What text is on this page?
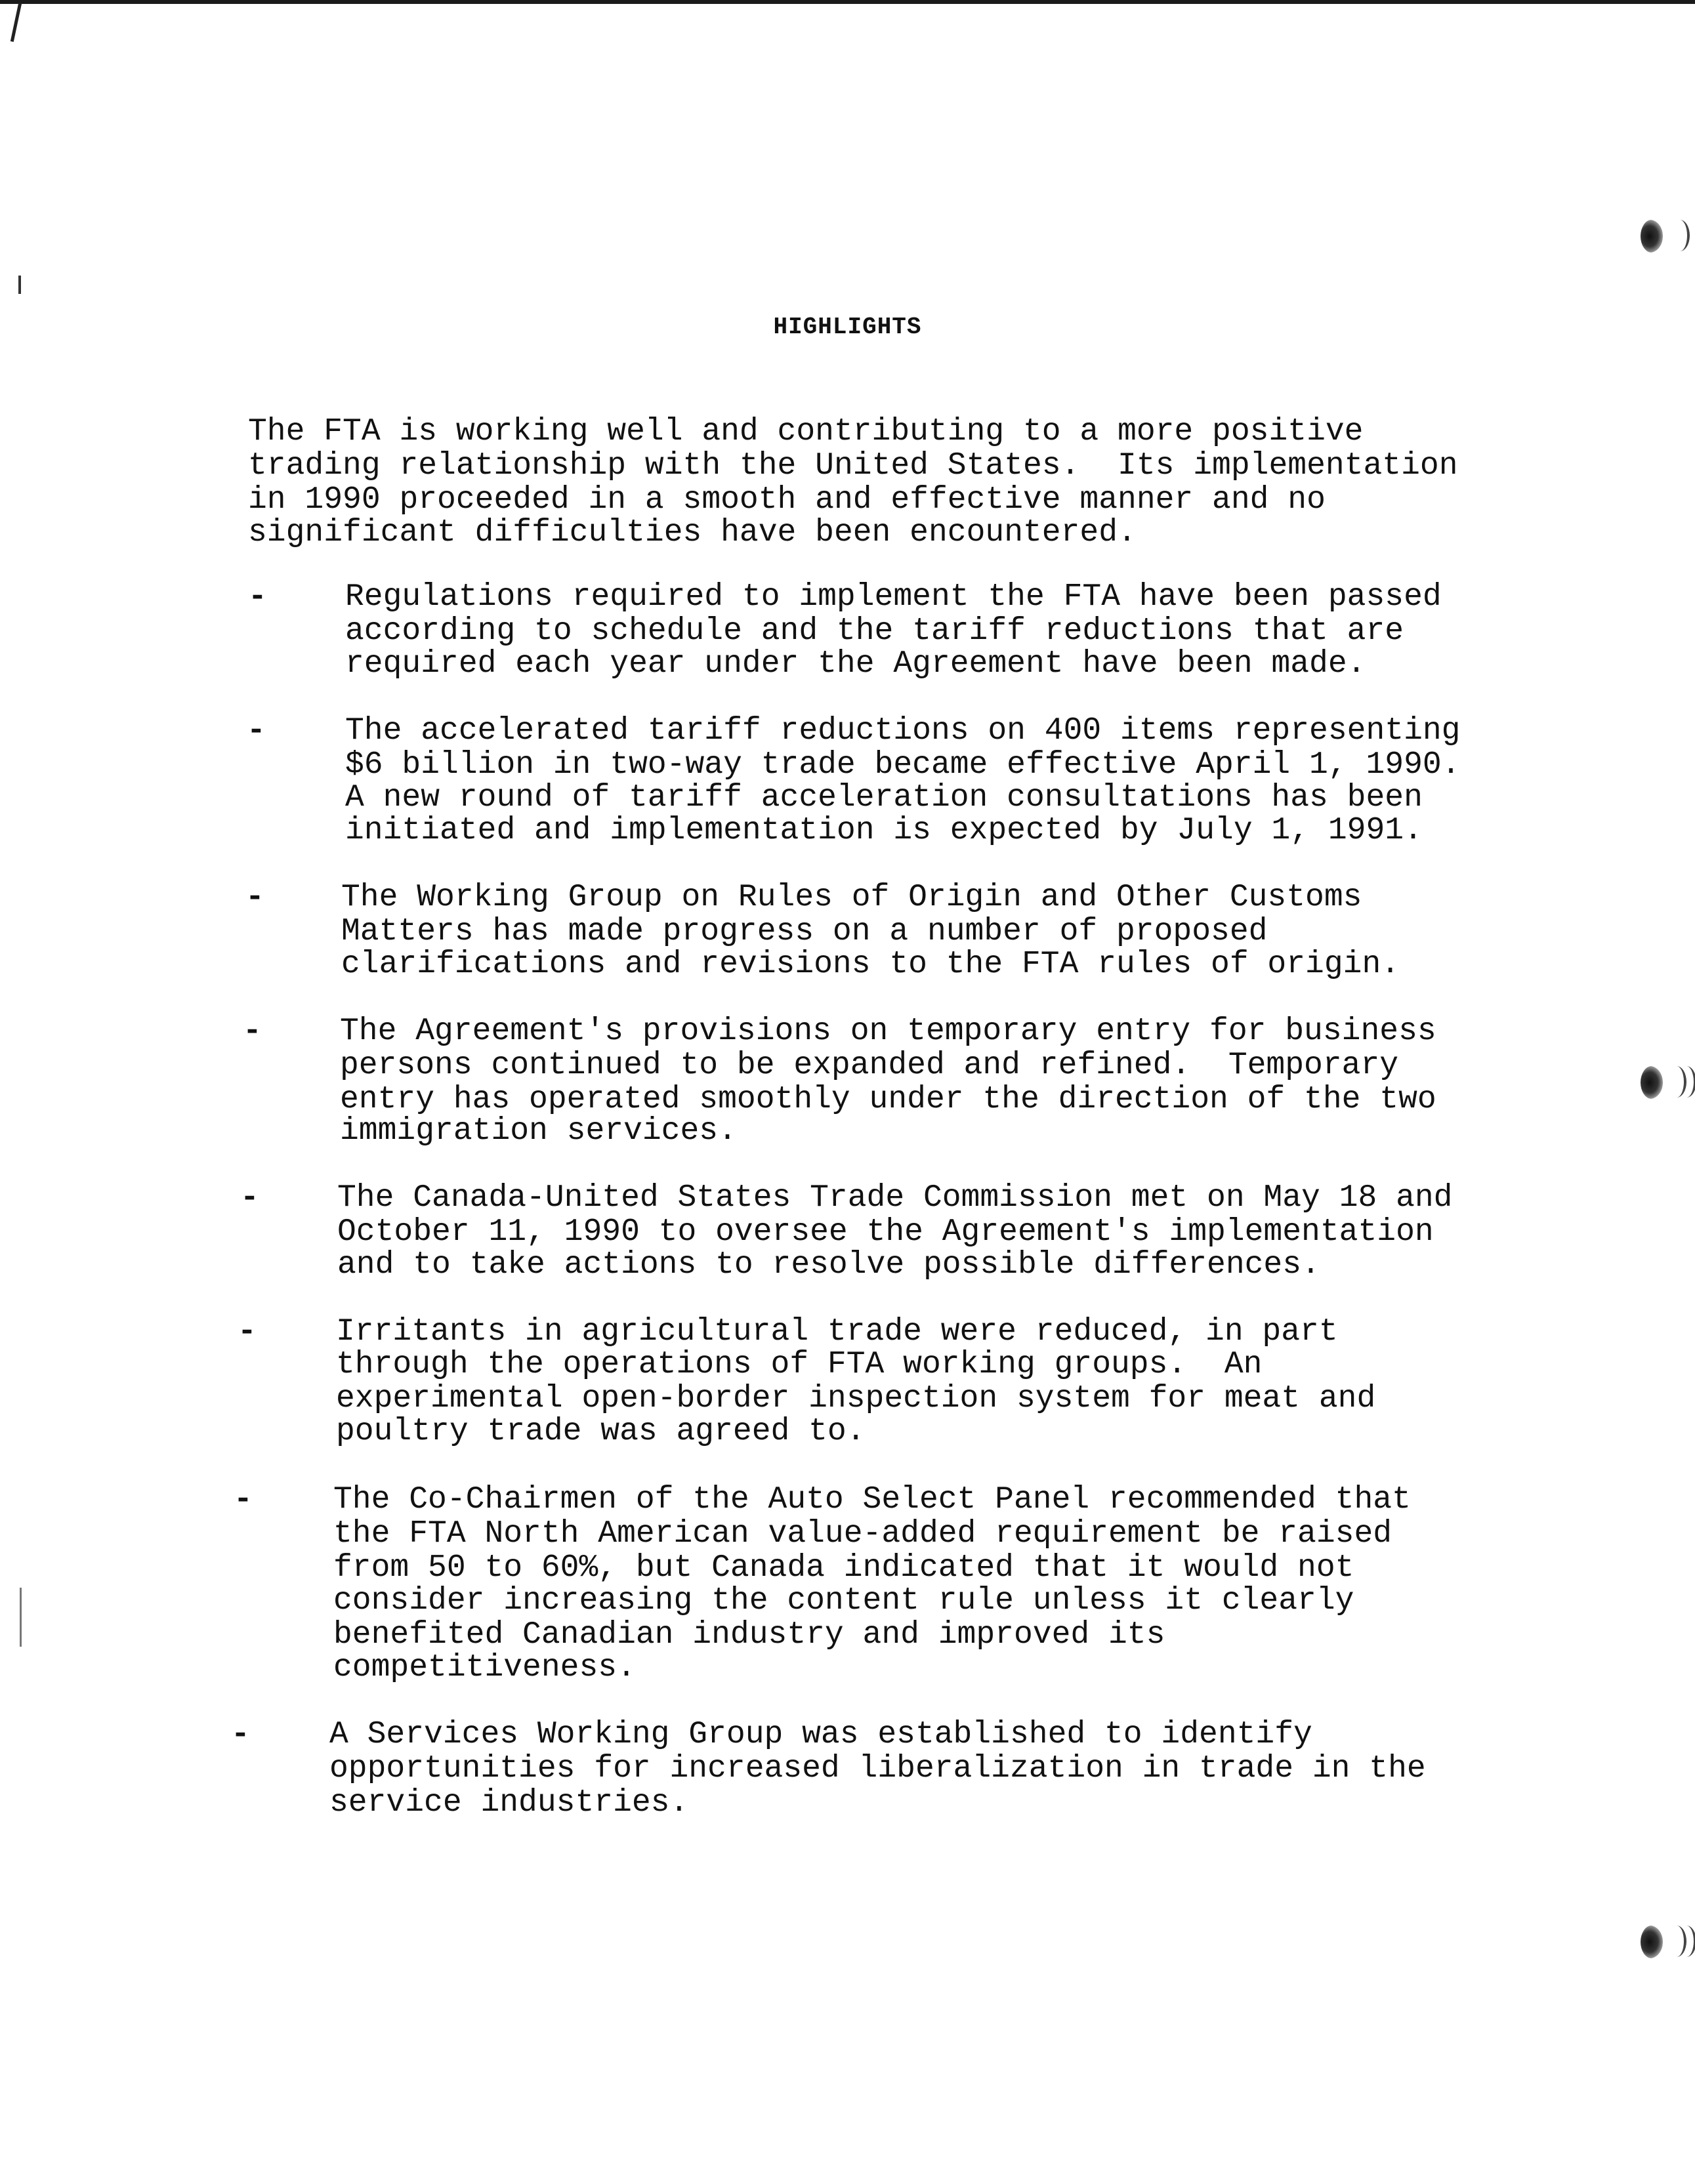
HIGHLIGHTS
The FTA is working well and contributing to a more positive
trading relationship with the United States.  Its implementation
in 1990 proceeded in a smooth and effective manner and no
significant difficulties have been encountered.
- Regulations required to implement the FTA have been passed
according to schedule and the tariff reductions that are
required each year under the Agreement have been made.
-	The accelerated tariff reductions on 400 items representing
$6 billion in two-way trade became effective April 1, 1990.
A new round of tariff acceleration consultations has been
initiated and implementation is expected by July 1, 1991.
- The Working Group on Rules of Origin and Other Customs
Matters has made progress on a number of proposed
clarifications and revisions to the FTA rules of origin.
- The Agreement's provisions on temporary entry for business
persons continued to be expanded and refined.  Temporary
entry has operated smoothly under the direction of the two
immigration services.
- The Canada-United States Trade Commission met on May 18 and
October 11, 1990 to oversee the Agreement's implementation
and to take actions to resolve possible differences.
-	Irritants in agricultural trade were reduced, in part
through the operations of FTA working groups.  An
experimental open-border inspection system for meat and
poultry trade was agreed to.
-	The Co-Chairmen of the Auto Select Panel recommended that
the FTA North American value-added requirement be raised
from 50 to 60%, but Canada indicated that it would not
consider increasing the content rule unless it clearly
benefited Canadian industry and improved its
competitiveness.
-	A Services Working Group was established to identify
opportunities for increased liberalization in trade in the
service industries.
